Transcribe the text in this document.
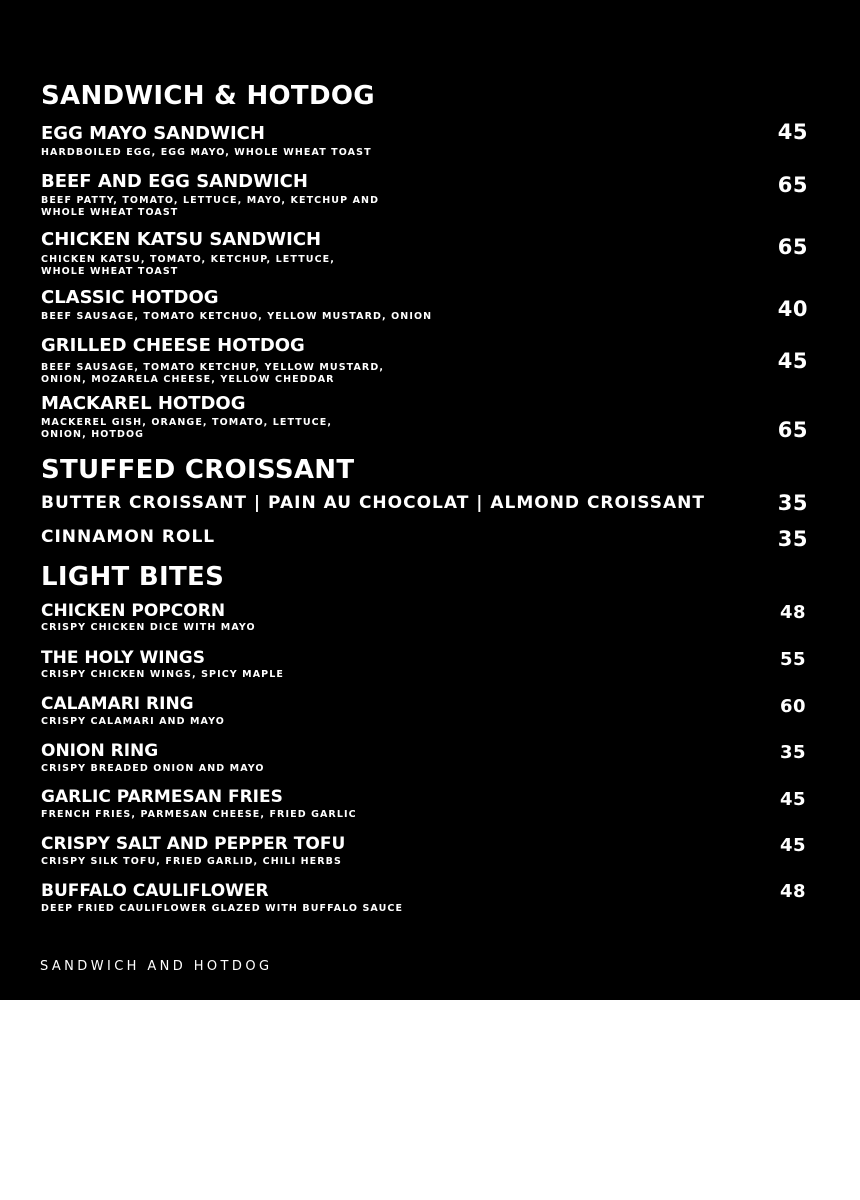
SANDWICH & HOTDOG
EGG MAYO SANDWICH
HARDBOILED EGG, EGG MAYO, WHOLE WHEAT TOAST
45
BEEF AND EGG SANDWICH
BEEF PATTY, TOMATO, LETTUCE, MAYO, KETCHUP AND
WHOLE WHEAT TOAST
65
CHICKEN KATSU SANDWICH
CHICKEN KATSU, TOMATO, KETCHUP, LETTUCE,
WHOLE WHEAT TOAST
65
CLASSIC HOTDOG
BEEF SAUSAGE, TOMATO KETCHUO, YELLOW MUSTARD, ONION	40
GRILLED CHEESE HOTDOG
BEEF SAUSAGE, TOMATO KETCHUP, YELLOW MUSTARD,
ONION, MOZARELA CHEESE, YELLOW CHEDDAR
45
MACKAREL HOTDOG
MACKEREL GISH, ORANGE, TOMATO, LETTUCE,
ONION, HOTDOG	65
STUFFED CROISSANT
BUTTER CROISSANT | PAIN AU CHOCOLAT | ALMOND CROISSANT	35
CINNAMON ROLL	35
LIGHT BITES
CHICKEN POPCORN
CRISPY CHICKEN DICE WITH MAYO
48
THE HOLY WINGS
CRISPY CHICKEN WINGS, SPICY MAPLE
55
CALAMARI RING
CRISPY CALAMARI AND MAYO
60
ONION RING
CRISPY BREADED ONION AND MAYO
35
GARLIC PARMESAN FRIES
FRENCH FRIES, PARMESAN CHEESE, FRIED GARLIC
45
CRISPY SALT AND PEPPER TOFU
CRISPY SILK TOFU, FRIED GARLID, CHILI HERBS
45
BUFFALO CAULIFLOWER
DEEP FRIED CAULIFLOWER GLAZED WITH BUFFALO SAUCE
48
SANDWICH AND HOTDOG
